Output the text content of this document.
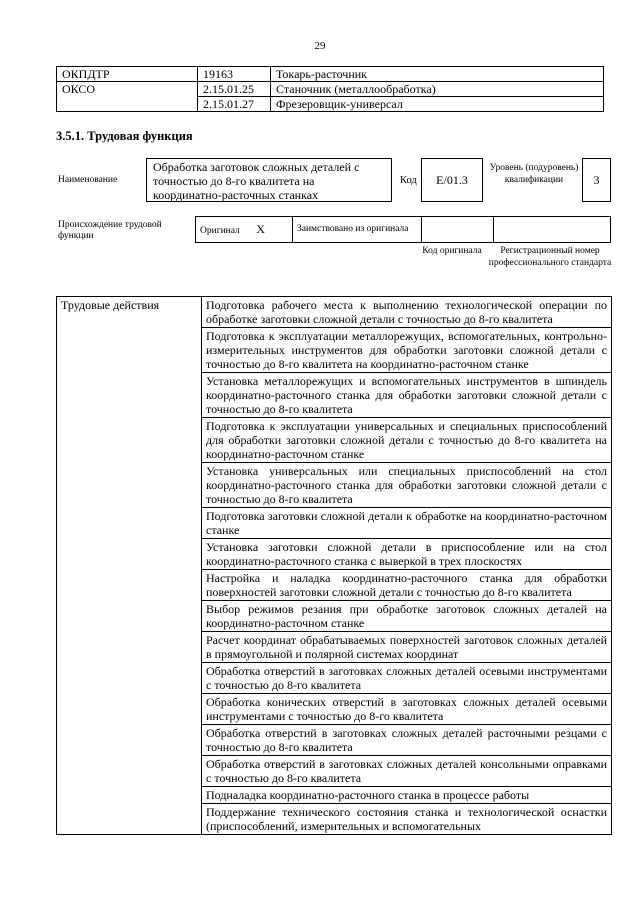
29
ОКПДТР	19163	Токарь-расточник
ОКСО	2.15.01.25	Станочник (металлообработка)
	2.15.01.27	Фрезеровщик-универсал
3.5.1. Трудовая функция
Наименование
Обработка заготовок сложных деталей с точностью до 8-го квалитета на координатно-расточных станках
Код	E/01.3
Уровень (подуровень) квалификации	3
Происхождение трудовой функции	Оригинал X	Заимствовано из оригинала		
Код оригинала	Регистрационный номер профессионального стандарта
Трудовые действия	Подготовка рабочего места к выполнению технологической операции по обработке заготовки сложной детали с точностью до 8-го квалитета
Подготовка к эксплуатации металлорежущих, вспомогательных, контрольно-измерительных инструментов для обработки заготовки сложной детали с точностью до 8-го квалитета на координатно-расточном станке
Установка металлорежущих и вспомогательных инструментов в шпиндель координатно-расточного станка для обработки заготовки сложной детали с точностью до 8-го квалитета
Подготовка к эксплуатации универсальных и специальных приспособлений для обработки заготовки сложной детали с точностью до 8-го квалитета на координатно-расточном станке
Установка универсальных или специальных приспособлений на стол координатно-расточного станка для обработки заготовки сложной детали с точностью до 8-го квалитета
Подготовка заготовки сложной детали к обработке на координатно-расточном станке
Установка заготовки сложной детали в приспособление или на стол координатно-расточного станка с выверкой в трех плоскостях
Настройка и наладка координатно-расточного станка для обработки поверхностей заготовки сложной детали с точностью до 8-го квалитета
Выбор режимов резания при обработке заготовок сложных деталей на координатно-расточном станке
Расчет координат обрабатываемых поверхностей заготовок сложных деталей в прямоугольной и полярной системах координат
Обработка отверстий в заготовках сложных деталей осевыми инструментами с точностью до 8-го квалитета
Обработка конических отверстий в заготовках сложных деталей осевыми инструментами с точностью до 8-го квалитета
Обработка отверстий в заготовках сложных деталей расточными резцами с точностью до 8-го квалитета
Обработка отверстий в заготовках сложных деталей консольными оправками с точностью до 8-го квалитета
Подналадка координатно-расточного станка в процессе работы
Поддержание технического состояния станка и технологической оснастки (приспособлений, измерительных и вспомогательных
